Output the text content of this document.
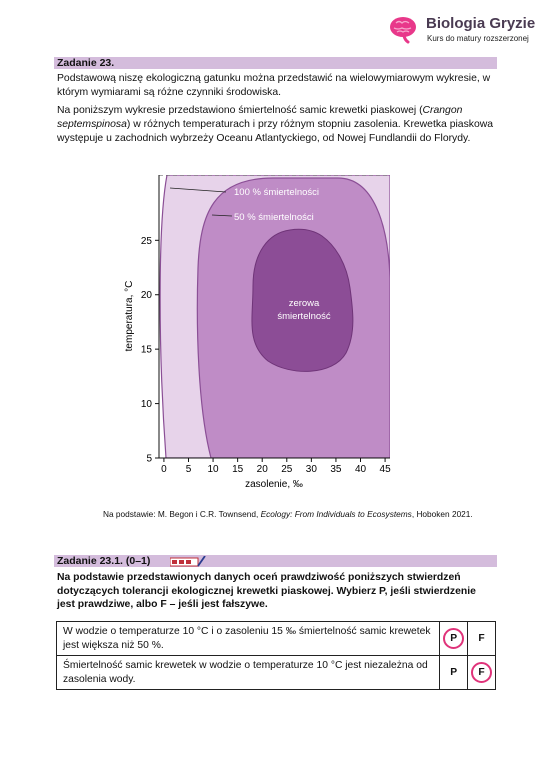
Biologia Gryzie
Kurs do matury rozszerzonej
Zadanie 23.

Podstawową niszę ekologiczną gatunku można przedstawić na wielowymiarowym wykresie, w którym wymiarami są różne czynniki środowiska.

Na poniższym wykresie przedstawiono śmiertelność samic krewetki piaskowej (Crangon septemspinosa) w różnych temperaturach i przy różnym stopniu zasolenia. Krewetka piaskowa występuje u zachodnich wybrzeży Oceanu Atlantyckiego, od Nowej Fundlandii do Florydy.

0 5 10 15 20 25 30 35 40 45
5
10
15
20
25
100 % śmiertelności
50 % śmiertelności
zerowa śmiertelność
zasolenie, ‰
temperatura, °C
Na podstawie: M. Begon i C.R. Townsend, Ecology: From Individuals to Ecosystems, Hoboken 2021.
Zadanie 23.1. (0–1)

Na podstawie przedstawionych danych oceń prawdziwość poniższych stwierdzeń dotyczących tolerancji ekologicznej krewetki piaskowej. Wybierz P, jeśli stwierdzenie jest prawdziwe, albo F – jeśli jest fałszywe.

W wodzie o temperaturze 10 °C i o zasoleniu 15 ‰ śmiertelność samic krewetek jest większa niż 50 %.	P	F
Śmiertelność samic krewetek w wodzie o temperaturze 10 °C jest niezależna od zasolenia wody.	P	F
